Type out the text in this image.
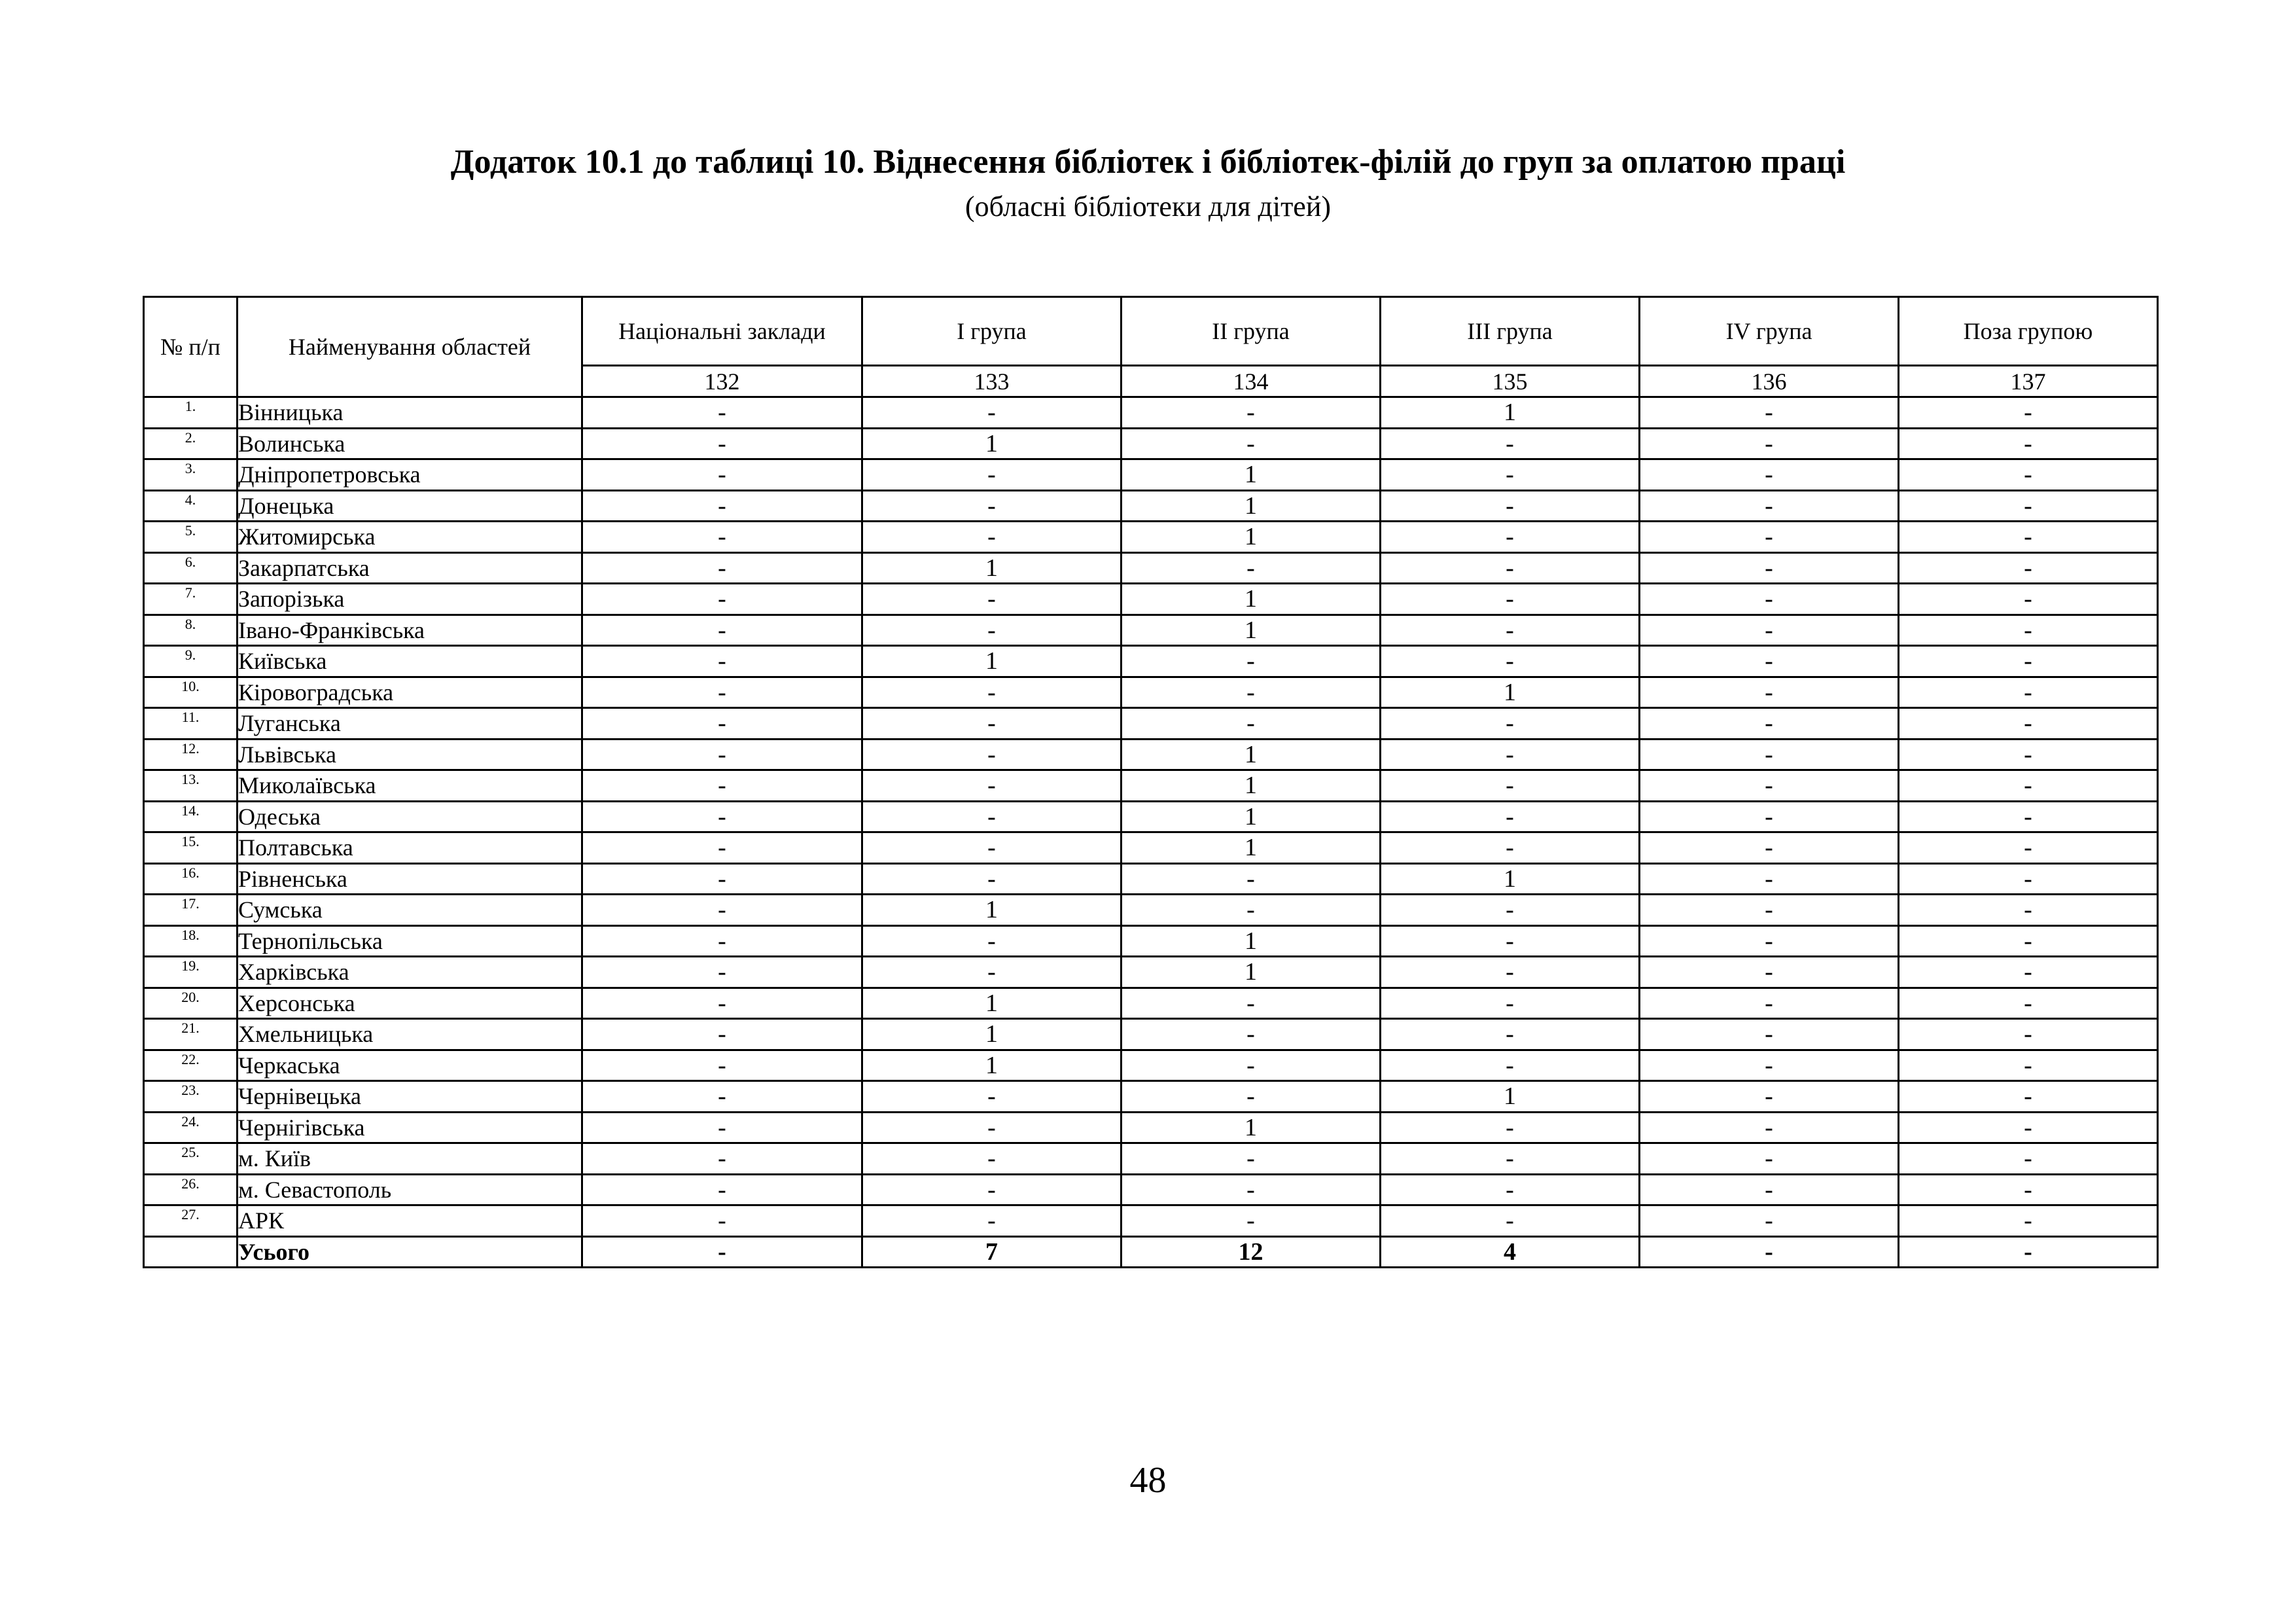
Додаток 10.1 до таблиці 10. Віднесення бібліотек і бібліотек-філій до груп за оплатою праці
(обласні бібліотеки для дітей)
№ п/п	Найменування областей	Національні заклади	І група	ІІ група	ІІІ група	ІV група	Поза групою
		132	133	134	135	136	137
1.	Вінницька	-	-	-	1	-	-
2.	Волинська	-	1	-	-	-	-
3.	Дніпропетровська	-	-	1	-	-	-
4.	Донецька	-	-	1	-	-	-
5.	Житомирська	-	-	1	-	-	-
6.	Закарпатська	-	1	-	-	-	-
7.	Запорізька	-	-	1	-	-	-
8.	Івано-Франківська	-	-	1	-	-	-
9.	Київська	-	1	-	-	-	-
10.	Кіровоградська	-	-	-	1	-	-
11.	Луганська	-	-	-	-	-	-
12.	Львівська	-	-	1	-	-	-
13.	Миколаївська	-	-	1	-	-	-
14.	Одеська	-	-	1	-	-	-
15.	Полтавська	-	-	1	-	-	-
16.	Рівненська	-	-	-	1	-	-
17.	Сумська	-	1	-	-	-	-
18.	Тернопільська	-	-	1	-	-	-
19.	Харківська	-	-	1	-	-	-
20.	Херсонська	-	1	-	-	-	-
21.	Хмельницька	-	1	-	-	-	-
22.	Черкаська	-	1	-	-	-	-
23.	Чернівецька	-	-	-	1	-	-
24.	Чернігівська	-	-	1	-	-	-
25.	м. Київ	-	-	-	-	-	-
26.	м. Севастополь	-	-	-	-	-	-
27.	АРК	-	-	-	-	-	-
	Усього	-	7	12	4	-	-
48
